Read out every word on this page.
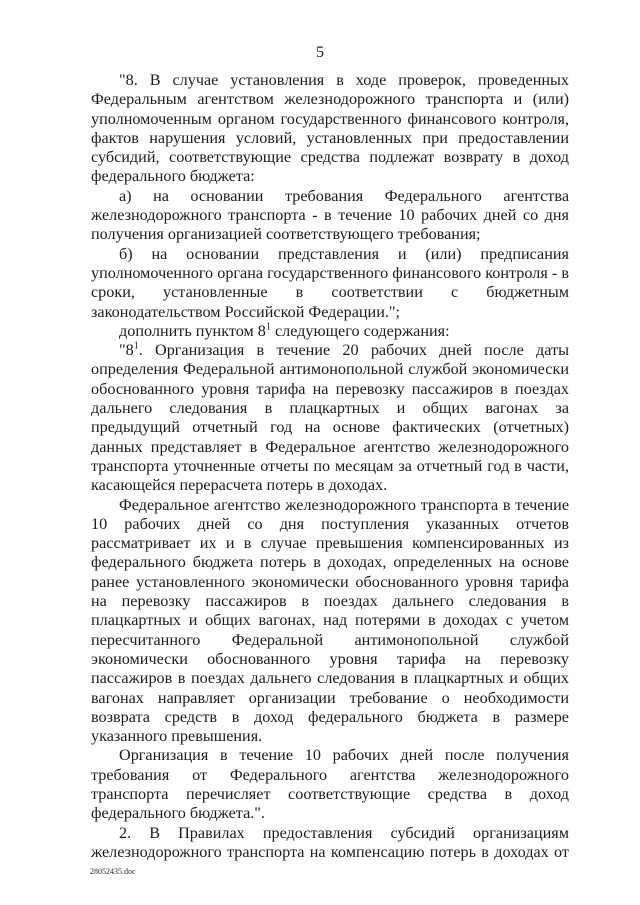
5

"8. В случае установления в ходе проверок, проведенных Федеральным агентством железнодорожного транспорта и (или) уполномоченным органом государственного финансового контроля, фактов нарушения условий, установленных при предоставлении субсидий, соответствующие средства подлежат возврату в доход федерального бюджета:

а) на основании требования Федерального агентства железнодорожного транспорта - в течение 10 рабочих дней со дня получения организацией соответствующего требования;

б) на основании представления и (или) предписания уполномоченного органа государственного финансового контроля - в сроки, установленные в соответствии с бюджетным законодательством Российской Федерации.";

дополнить пунктом $8^1$ следующего содержания:

"$8^1$. Организация в течение 20 рабочих дней после даты определения Федеральной антимонопольной службой экономически обоснованного уровня тарифа на перевозку пассажиров в поездах дальнего следования в плацкартных и общих вагонах за предыдущий отчетный год на основе фактических (отчетных) данных представляет в Федеральное агентство железнодорожного транспорта уточненные отчеты по месяцам за отчетный год в части, касающейся перерасчета потерь в доходах.

Федеральное агентство железнодорожного транспорта в течение 10 рабочих дней со дня поступления указанных отчетов рассматривает их и в случае превышения компенсированных из федерального бюджета потерь в доходах, определенных на основе ранее установленного экономически обоснованного уровня тарифа на перевозку пассажиров в поездах дальнего следования в плацкартных и общих вагонах, над потерями в доходах с учетом пересчитанного Федеральной антимонопольной службой экономически обоснованного уровня тарифа на перевозку пассажиров в поездах дальнего следования в плацкартных и общих вагонах направляет организации требование о необходимости возврата средств в доход федерального бюджета в размере указанного превышения.

Организация в течение 10 рабочих дней после получения требования от Федерального агентства железнодорожного транспорта перечисляет соответствующие средства в доход федерального бюджета.".

2. В Правилах предоставления субсидий организациям железнодорожного транспорта на компенсацию потерь в доходах от

28052435.doc
